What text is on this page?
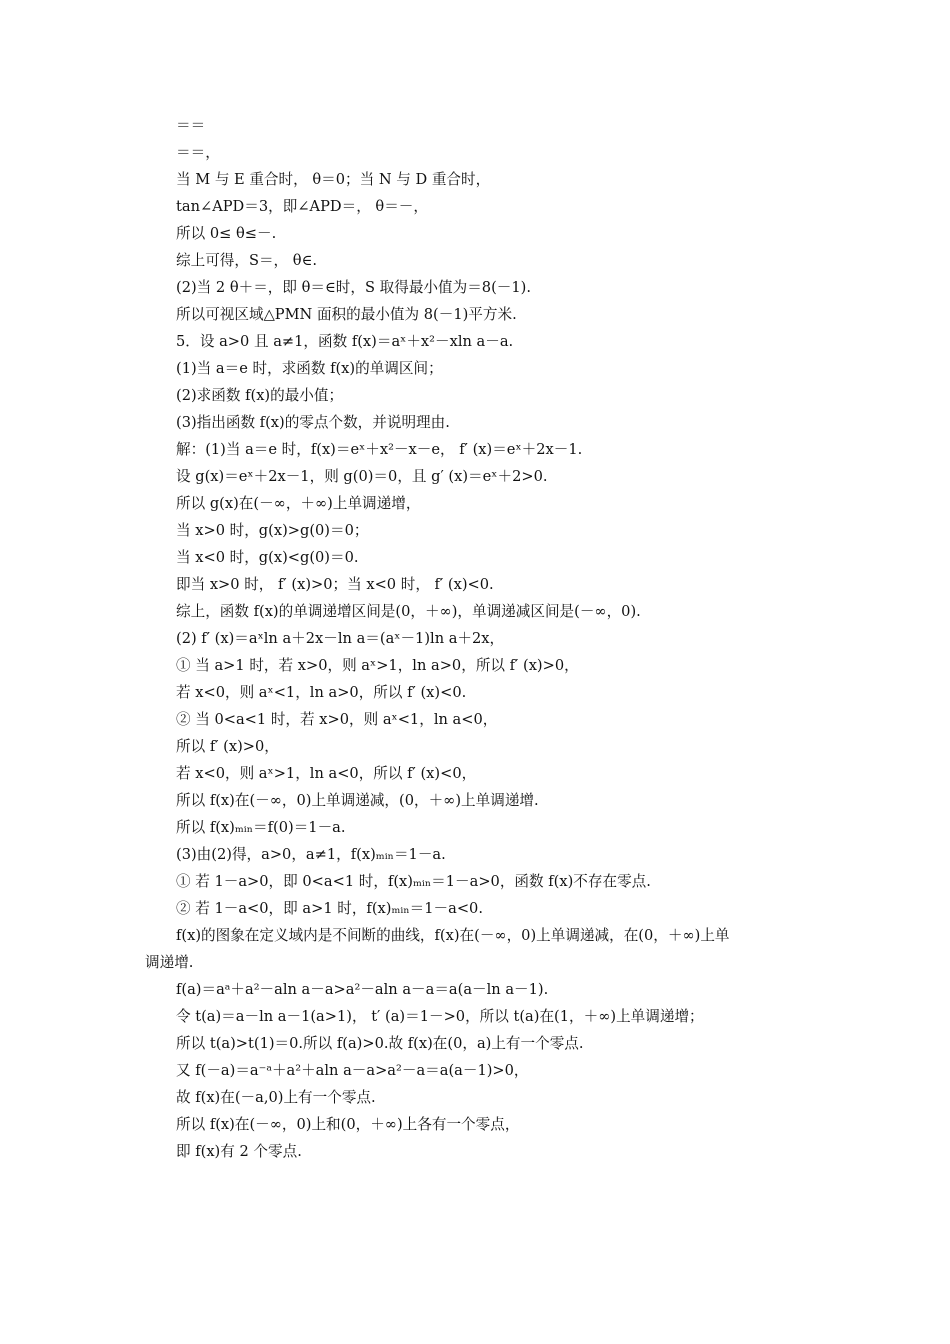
＝＝
＝＝，
当 M 与 E 重合时， θ＝0；当 N 与 D 重合时，
tan∠APD＝3，即∠APD＝， θ＝－，
所以 0≤ θ≤－.
综上可得，S＝， θ∈.
(2)当 2 θ＋＝，即 θ＝∈时，S 取得最小值为＝8(－1).
所以可视区域△PMN 面积的最小值为 8(－1)平方米.
5．设 a>0 且 a≠1，函数 f(x)＝aˣ＋x²－xln a－a.
(1)当 a＝e 时，求函数 f(x)的单调区间；
(2)求函数 f(x)的最小值；
(3)指出函数 f(x)的零点个数，并说明理由.
解：(1)当 a＝e 时，f(x)＝eˣ＋x²－x－e， f′ (x)＝eˣ＋2x－1.
设 g(x)＝eˣ＋2x－1，则 g(0)＝0，且 g′ (x)＝eˣ＋2>0.
所以 g(x)在(－∞，＋∞)上单调递增，
当 x>0 时，g(x)>g(0)＝0；
当 x<0 时，g(x)<g(0)＝0.
即当 x>0 时， f′ (x)>0；当 x<0 时， f′ (x)<0.
综上，函数 f(x)的单调递增区间是(0，＋∞)，单调递减区间是(－∞，0).
(2) f′ (x)＝aˣln a＋2x－ln a＝(aˣ－1)ln a＋2x，
① 当 a>1 时，若 x>0，则 aˣ>1，ln a>0，所以 f′ (x)>0，
若 x<0，则 aˣ<1，ln a>0，所以 f′ (x)<0.
② 当 0<a<1 时，若 x>0，则 aˣ<1，ln a<0，
所以 f′ (x)>0，
若 x<0，则 aˣ>1，ln a<0，所以 f′ (x)<0，
所以 f(x)在(－∞，0)上单调递减，(0，＋∞)上单调递增.
所以 f(x)ₘᵢₙ＝f(0)＝1－a.
(3)由(2)得，a>0，a≠1，f(x)ₘᵢₙ＝1－a.
① 若 1－a>0，即 0<a<1 时，f(x)ₘᵢₙ＝1－a>0，函数 f(x)不存在零点.
② 若 1－a<0，即 a>1 时，f(x)ₘᵢₙ＝1－a<0.
f(x)的图象在定义域内是不间断的曲线，f(x)在(－∞，0)上单调递减，在(0，＋∞)上单
调递增.
f(a)＝aᵃ＋a²－aln a－a>a²－aln a－a＝a(a－ln a－1).
令 t(a)＝a－ln a－1(a>1)， t′ (a)＝1－>0，所以 t(a)在(1，＋∞)上单调递增；
所以 t(a)>t(1)＝0.所以 f(a)>0.故 f(x)在(0，a)上有一个零点.
又 f(－a)＝a⁻ᵃ＋a²＋aln a－a>a²－a＝a(a－1)>0，
故 f(x)在(－a,0)上有一个零点.
所以 f(x)在(－∞，0)上和(0，＋∞)上各有一个零点，
即 f(x)有 2 个零点.
